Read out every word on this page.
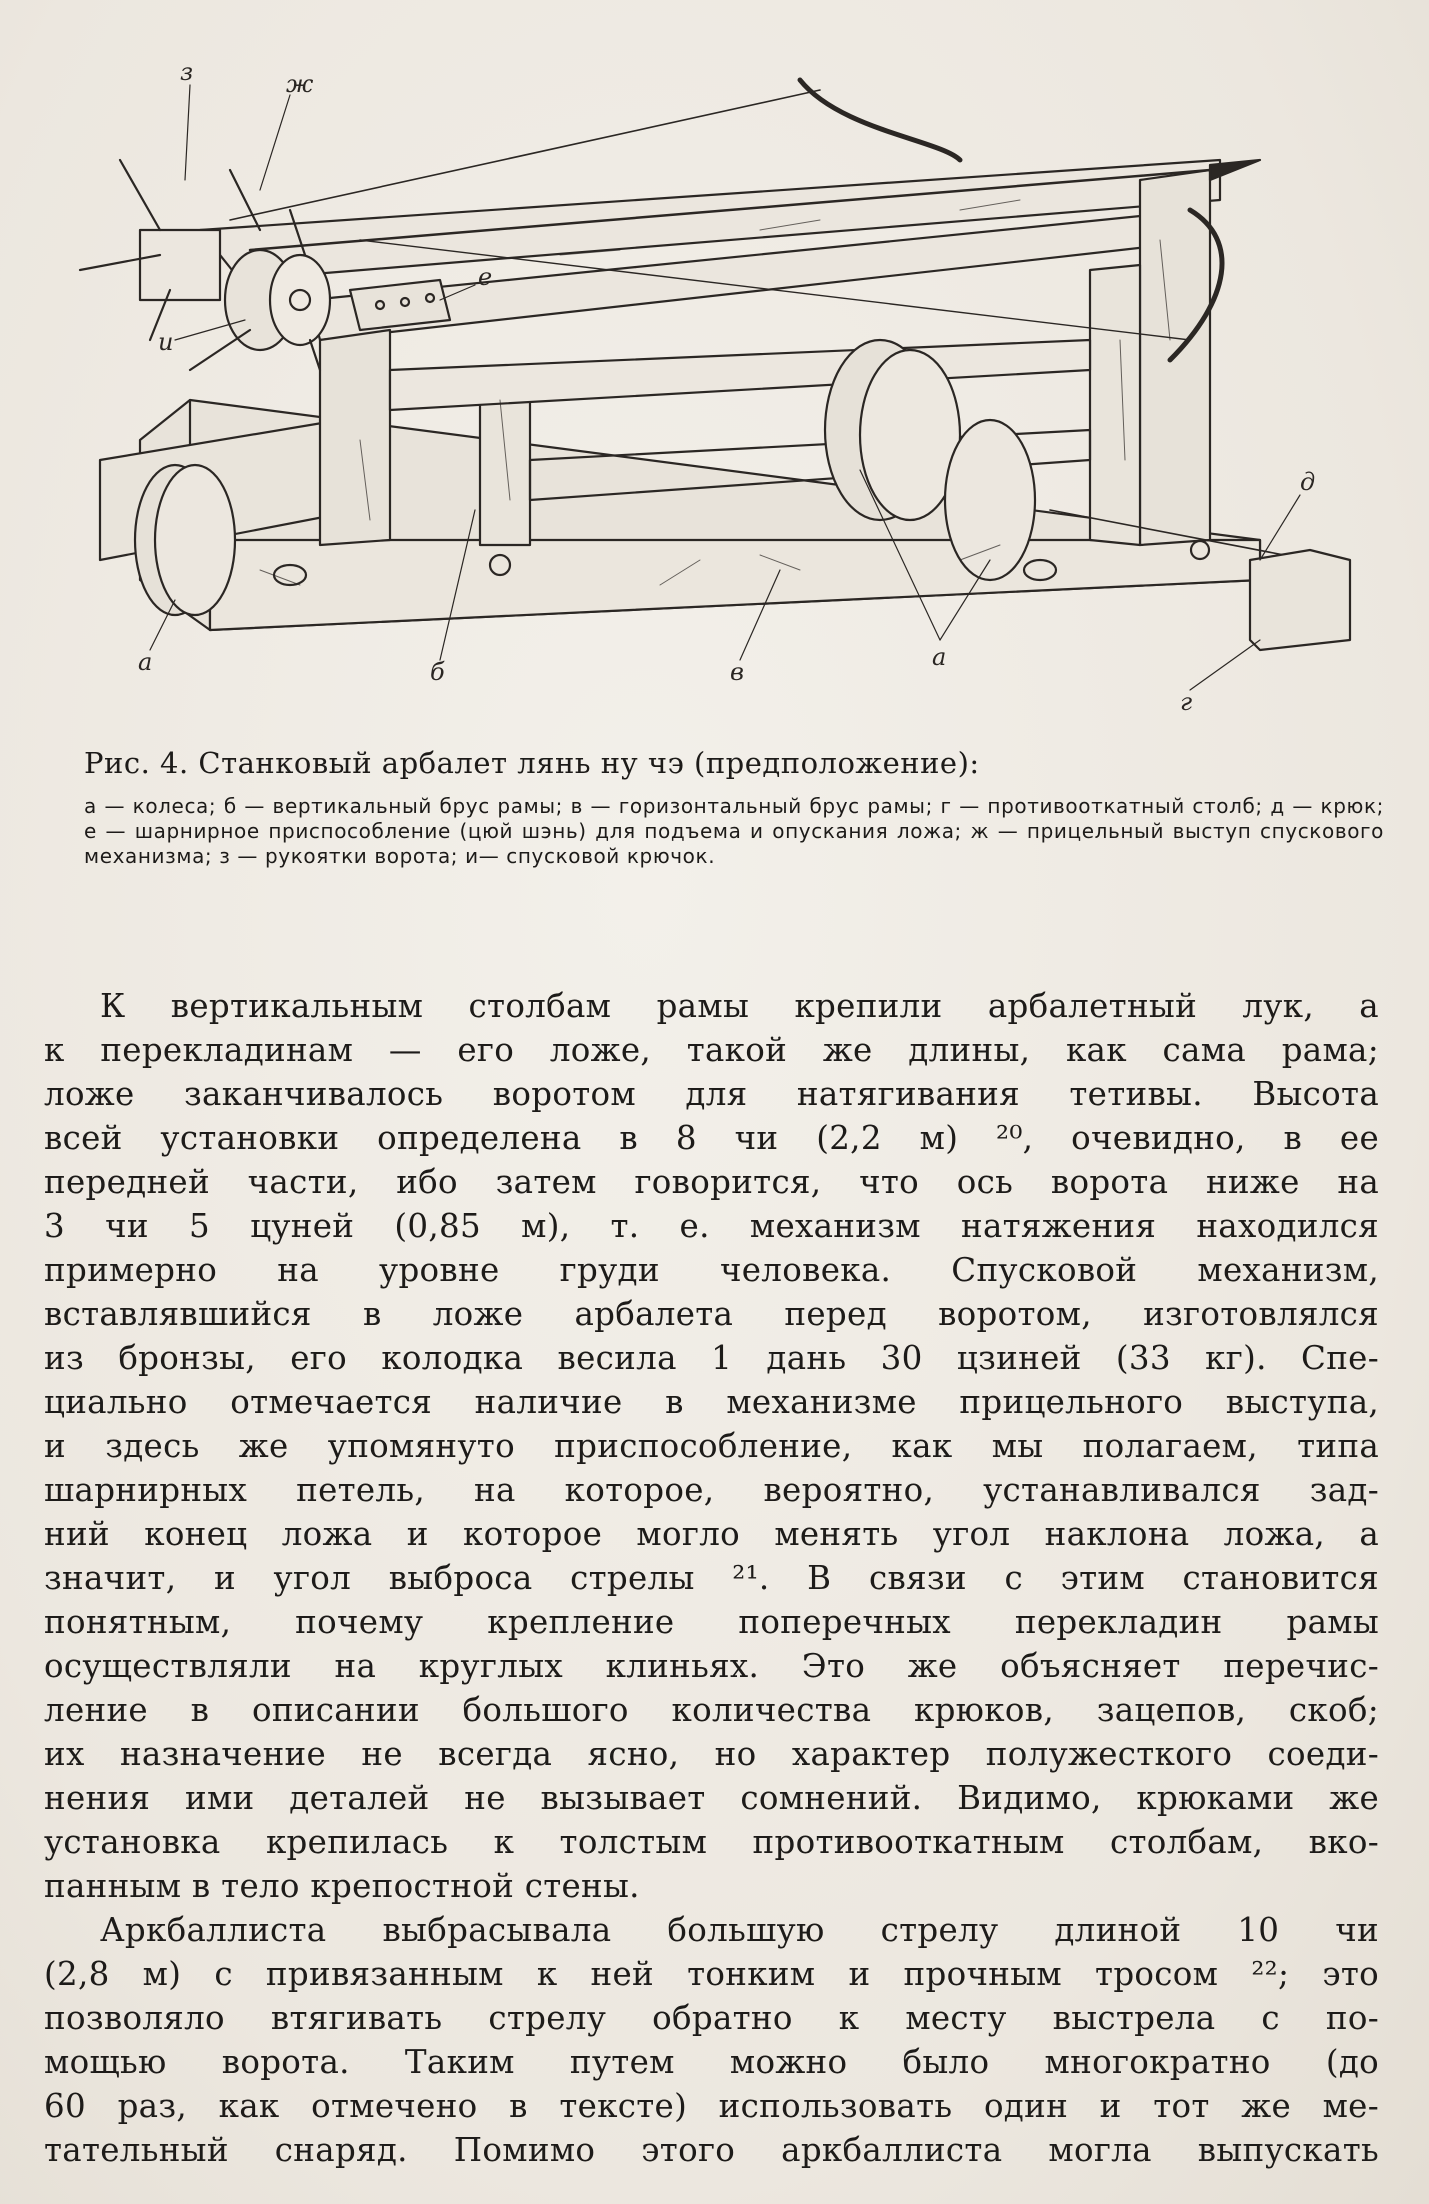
з	ж
е
и
д
а	б	в
а
г
Рис. 4. Станковый арбалет лянь ну чэ (предположение):
а — колеса; б — вертикальный брус рамы; в — горизонтальный брус рамы; г — противооткатный столб; д — крюк; е — шарнирное приспособление (цюй шэнь) для подъема и опускания ложа; ж — прицельный выступ спускового механизма; з — рукоятки ворота; и— спусковой крючок.
К вертикальным столбам рамы крепили арбалетный лук, а
к перекладинам — его ложе, такой же длины, как сама рама;
ложе заканчивалось воротом для натягивания тетивы. Высота
всей установки определена в 8 чи (2,2 м) ²⁰, очевидно, в ее
передней части, ибо затем говорится, что ось ворота ниже на
3 чи 5 цуней (0,85 м), т. е. механизм натяжения находился
примерно на уровне груди человека. Спусковой механизм,
вставлявшийся в ложе арбалета перед воротом, изготовлялся
из бронзы, его колодка весила 1 дань 30 цзиней (33 кг). Спе-
циально отмечается наличие в механизме прицельного выступа,
и здесь же упомянуто приспособление, как мы полагаем, типа
шарнирных петель, на которое, вероятно, устанавливался зад-
ний конец ложа и которое могло менять угол наклона ложа, а
значит, и угол выброса стрелы ²¹. В связи с этим становится
понятным, почему крепление поперечных перекладин рамы
осуществляли на круглых клиньях. Это же объясняет перечис-
ление в описании большого количества крюков, зацепов, скоб;
их назначение не всегда ясно, но характер полужесткого соеди-
нения ими деталей не вызывает сомнений. Видимо, крюками же
установка крепилась к толстым противооткатным столбам, вко-
панным в тело крепостной стены.
Аркбаллиста выбрасывала большую стрелу длиной 10 чи
(2,8 м) с привязанным к ней тонким и прочным тросом ²²; это
позволяло втягивать стрелу обратно к месту выстрела с по-
мощью ворота. Таким путем можно было многократно (до
60 раз, как отмечено в тексте) использовать один и тот же ме-
тательный снаряд. Помимо этого аркбаллиста могла выпускать
